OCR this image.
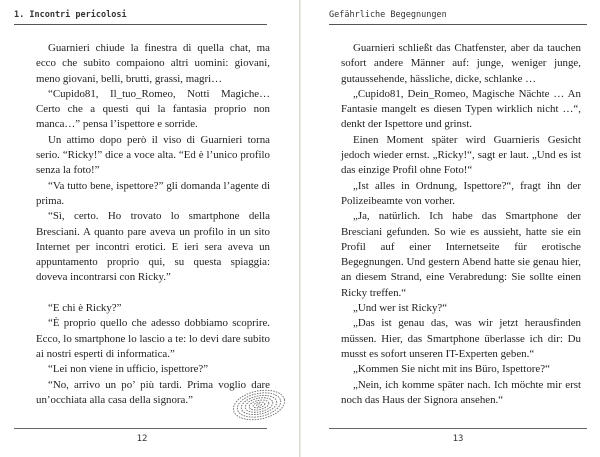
1. Incontri pericolosi

Guarnieri chiude la finestra di quella chat, ma ecco che subito compaiono altri uomini: giovani, meno giovani, belli, brutti, grassi, magri…

“Cupido81, Il_tuo_Romeo, Notti Magiche… Certo che a questi qui la fantasia proprio non manca…” pensa l’ispettore e sorride.

Un attimo dopo però il viso di Guarnieri torna serio. “Ricky!” dice a voce alta. “Ed è l’unico profilo senza la foto!”

“Va tutto bene, ispettore?” gli domanda l’agente di prima.

“Sì, certo. Ho trovato lo smartphone della Bresciani. A quanto pare aveva un profilo in un sito Internet per incontri erotici. E ieri sera aveva un appuntamento proprio qui, su questa spiaggia: doveva incontrarsi con Ricky.”

“E chi è Ricky?”

“È proprio quello che adesso dobbiamo scoprire. Ecco, lo smartphone lo lascio a te: lo devi dare subito ai nostri esperti di informatica.”

“Lei non viene in ufficio, ispettore?”

“No, arrivo un po’ più tardi. Prima voglio dare un’occhiata alla casa della signora.”

12
Gefährliche Begegnungen

Guarnieri schließt das Chatfenster, aber da tauchen sofort andere Männer auf: junge, weniger junge, gutaussehende, hässliche, dicke, schlanke …

„Cupido81, Dein_Romeo, Magische Nächte … An Fantasie mangelt es diesen Typen wirklich nicht …“, denkt der Ispettore und grinst.

Einen Moment später wird Guarnieris Gesicht jedoch wieder ernst. „Ricky!“, sagt er laut. „Und es ist das einzige Profil ohne Foto!“

„Ist alles in Ordnung, Ispettore?“, fragt ihn der Polizeibeamte von vorher.

„Ja, natürlich. Ich habe das Smartphone der Bresciani gefunden. So wie es aussieht, hatte sie ein Profil auf einer Internetseite für erotische Begegnungen. Und gestern Abend hatte sie genau hier, an diesem Strand, eine Verabredung: Sie sollte einen Ricky treffen.“

„Und wer ist Ricky?“

„Das ist genau das, was wir jetzt herausfinden müssen. Hier, das Smartphone überlasse ich dir: Du musst es sofort unseren IT-Experten geben.“

„Kommen Sie nicht mit ins Büro, Ispettore?“

„Nein, ich komme später nach. Ich möchte mir erst noch das Haus der Signora ansehen.“

13
